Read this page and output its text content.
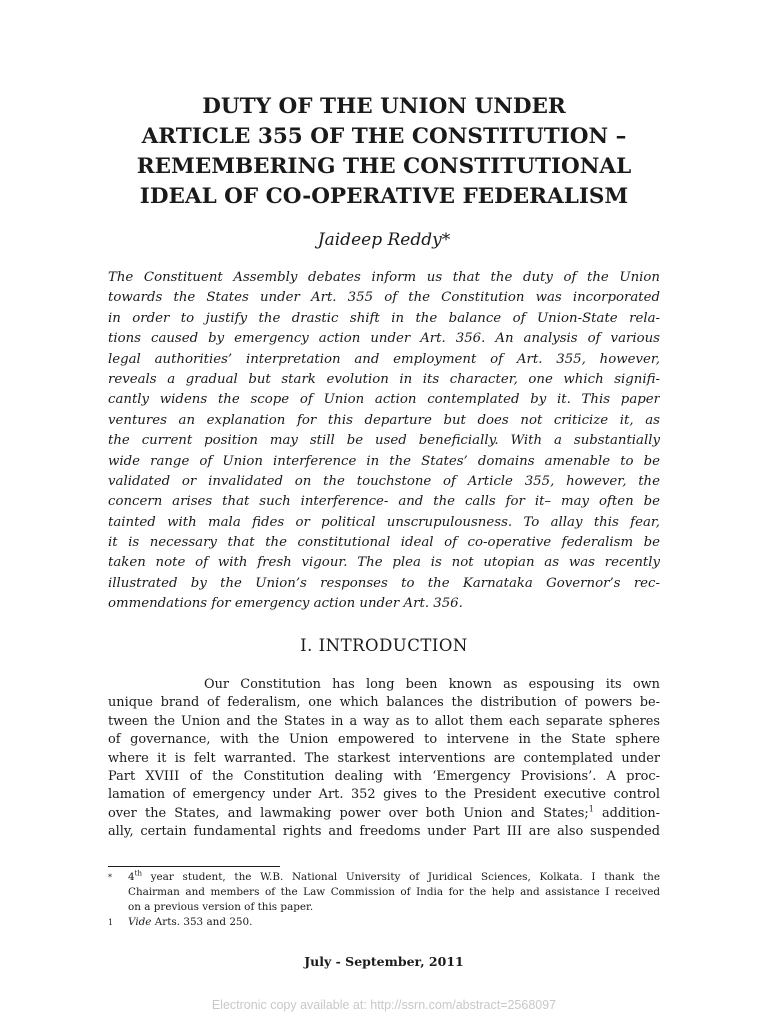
DUTY OF THE UNION UNDER
ARTICLE 355 OF THE CONSTITUTION –
REMEMBERING THE CONSTITUTIONAL
IDEAL OF CO-OPERATIVE FEDERALISM
Jaideep Reddy*
The Constituent Assembly debates inform us that the duty of the Union
towards the States under Art. 355 of the Constitution was incorporated
in order to justify the drastic shift in the balance of Union-State rela-
tions caused by emergency action under Art. 356. An analysis of various
legal authorities’ interpretation and employment of Art. 355, however,
reveals a gradual but stark evolution in its character, one which signifi-
cantly widens the scope of Union action contemplated by it. This paper
ventures an explanation for this departure but does not criticize it, as
the current position may still be used beneficially. With a substantially
wide range of Union interference in the States’ domains amenable to be
validated or invalidated on the touchstone of Article 355, however, the
concern arises that such interference- and the calls for it– may often be
tainted with mala fides or political unscrupulousness. To allay this fear,
it is necessary that the constitutional ideal of co-operative federalism be
taken note of with fresh vigour. The plea is not utopian as was recently
illustrated by the Union’s responses to the Karnataka Governor’s rec-
ommendations for emergency action under Art. 356.
I. INTRODUCTION
Our Constitution has long been known as espousing its own
unique brand of federalism, one which balances the distribution of powers be-
tween the Union and the States in a way as to allot them each separate spheres
of governance, with the Union empowered to intervene in the State sphere
where it is felt warranted. The starkest interventions are contemplated under
Part XVIII of the Constitution dealing with ‘Emergency Provisions’. A proc-
lamation of emergency under Art. 352 gives to the President executive control
over the States, and lawmaking power over both Union and States;$^1$ addition-
ally, certain fundamental rights and freedoms under Part III are also suspended
* 4th year student, the W.B. National University of Juridical Sciences, Kolkata. I thank the
Chairman and members of the Law Commission of India for the help and assistance I received
on a previous version of this paper.
1 Vide Arts. 353 and 250.
July - September, 2011
Electronic copy available at: http://ssrn.com/abstract=2568097
